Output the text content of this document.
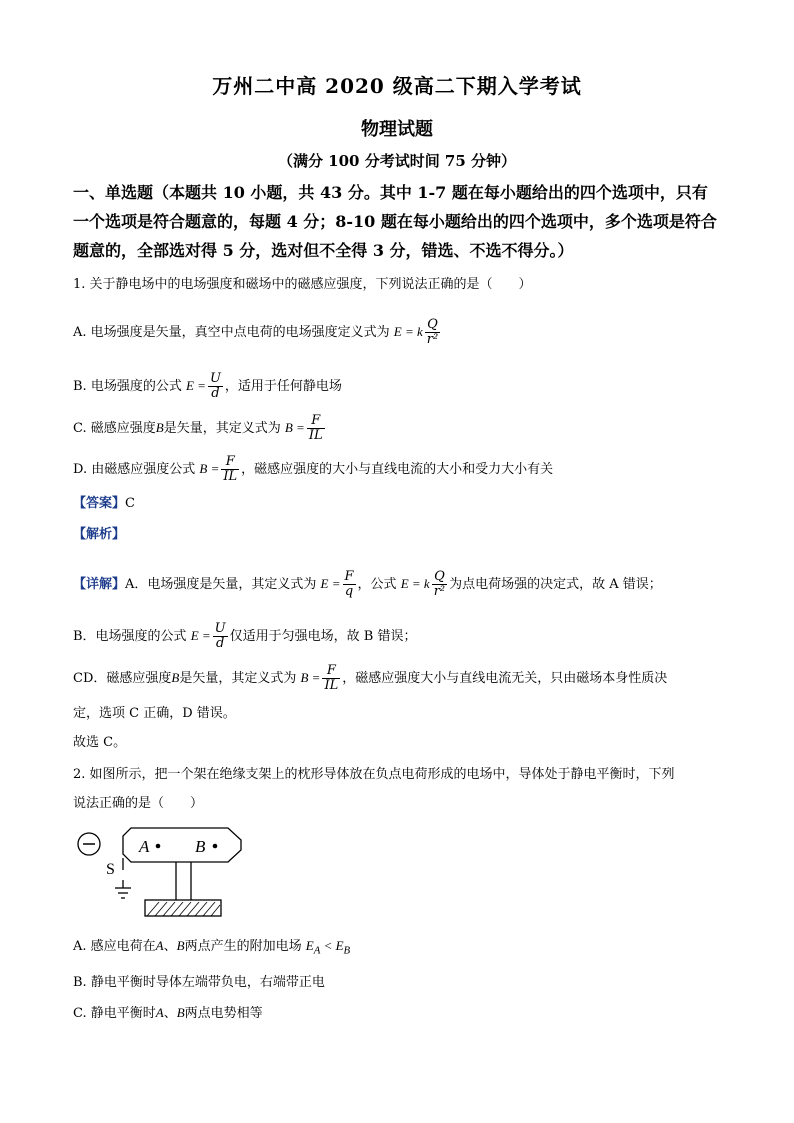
万州二中高 2020 级高二下期入学考试
物理试题
（满分 100 分考试时间 75 分钟）
一、单选题（本题共 10 小题，共 43 分。其中 1-7 题在每小题给出的四个选项中，只有一个选项是符合题意的，每题 4 分；8-10 题在每小题给出的四个选项中，多个选项是符合题意的，全部选对得 5 分，选对但不全得 3 分，错选、不选不得分。）
1. 关于静电场中的电场强度和磁场中的磁感应强度，下列说法正确的是（　　）
A. 电场强度是矢量，真空中点电荷的电场强度定义式为 E = k $\frac{Q}{\text{r²}}$
B. 电场强度的公式 $E = \frac{U}{d}$ ，适用于任何静电场
C. 磁感应强度B是矢量，其定义式为 $B = \frac{F}{IL}$
D. 由磁感应强度公式 $B = \frac{F}{IL}$ ，磁感应强度的大小与直线电流的大小和受力大小有关
【答案】C
【解析】
【详解】A．电场强度是矢量，其定义式为 $E = \frac{F}{q}$ ，公式 E = k $\frac{Q}{\text{r²}}$ 为点电荷场强的决定式，故 A 错误；
B．电场强度的公式 $E = \frac{U}{d}$ 仅适用于匀强电场，故 B 错误；
CD．磁感应强度B是矢量，其定义式为 $B = \frac{F}{IL}$ ，磁感应强度大小与直线电流无关，只由磁场本身性质决
定，选项 C 正确，D 错误。
故选 C。
2. 如图所示，把一个架在绝缘支架上的枕形导体放在负点电荷形成的电场中，导体处于静电平衡时，下列
说法正确的是（　　）
A	B
S
A. 感应电荷在A、B两点产生的附加电场 $E_A < E_B$
B. 静电平衡时导体左端带负电，右端带正电
C. 静电平衡时A、B两点电势相等
